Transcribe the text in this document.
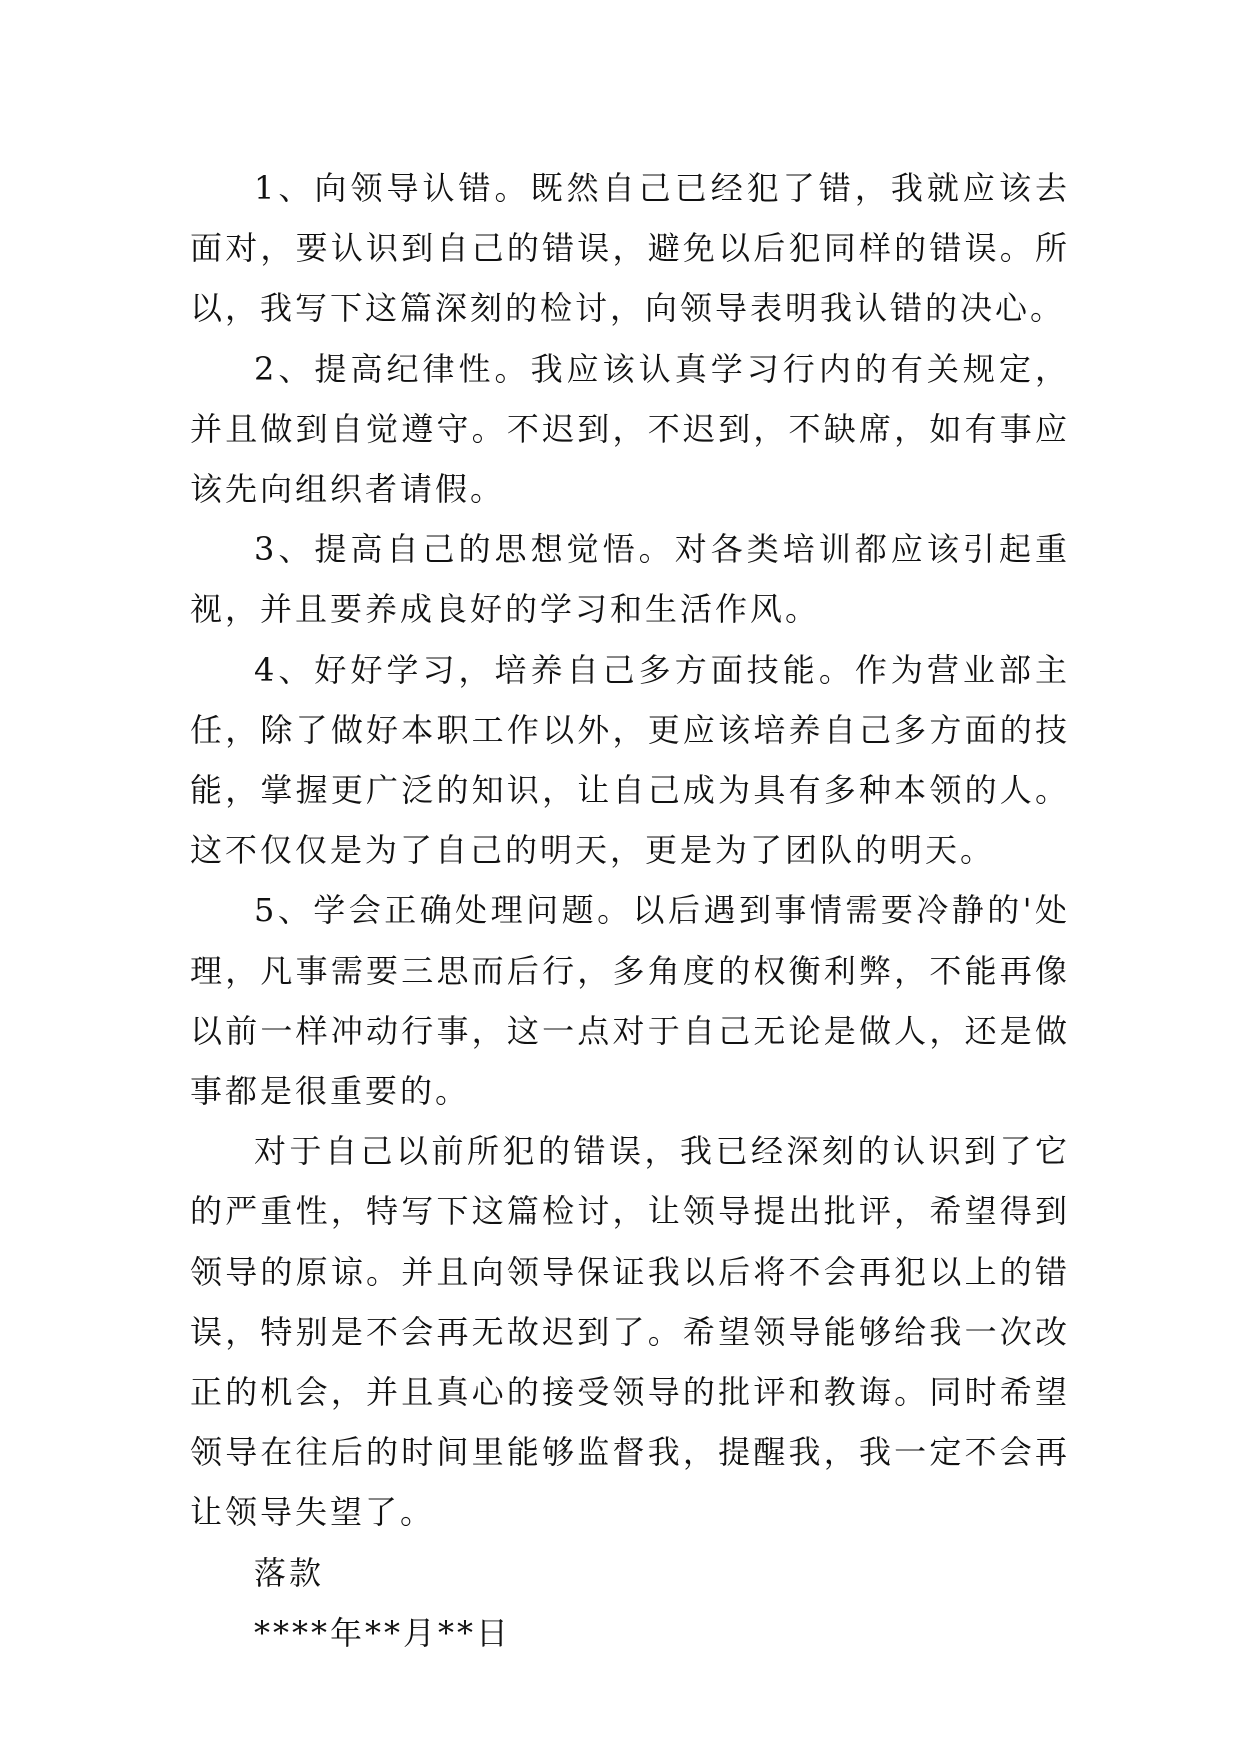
1、向领导认错。既然自己已经犯了错，我就应该去面对，要认识到自己的错误，避免以后犯同样的错误。所以，我写下这篇深刻的检讨，向领导表明我认错的决心。

2、提高纪律性。我应该认真学习行内的有关规定，并且做到自觉遵守。不迟到，不迟到，不缺席，如有事应该先向组织者请假。

3、提高自己的思想觉悟。对各类培训都应该引起重视，并且要养成良好的学习和生活作风。

4、好好学习，培养自己多方面技能。作为营业部主任，除了做好本职工作以外，更应该培养自己多方面的技能，掌握更广泛的知识，让自己成为具有多种本领的人。这不仅仅是为了自己的明天，更是为了团队的明天。

5、学会正确处理问题。以后遇到事情需要冷静的'处理，凡事需要三思而后行，多角度的权衡利弊，不能再像以前一样冲动行事，这一点对于自己无论是做人，还是做事都是很重要的。

对于自己以前所犯的错误，我已经深刻的认识到了它的严重性，特写下这篇检讨，让领导提出批评，希望得到领导的原谅。并且向领导保证我以后将不会再犯以上的错误，特别是不会再无故迟到了。希望领导能够给我一次改正的机会，并且真心的接受领导的批评和教诲。同时希望领导在往后的时间里能够监督我，提醒我，我一定不会再让领导失望了。

落款

****年**月**日
